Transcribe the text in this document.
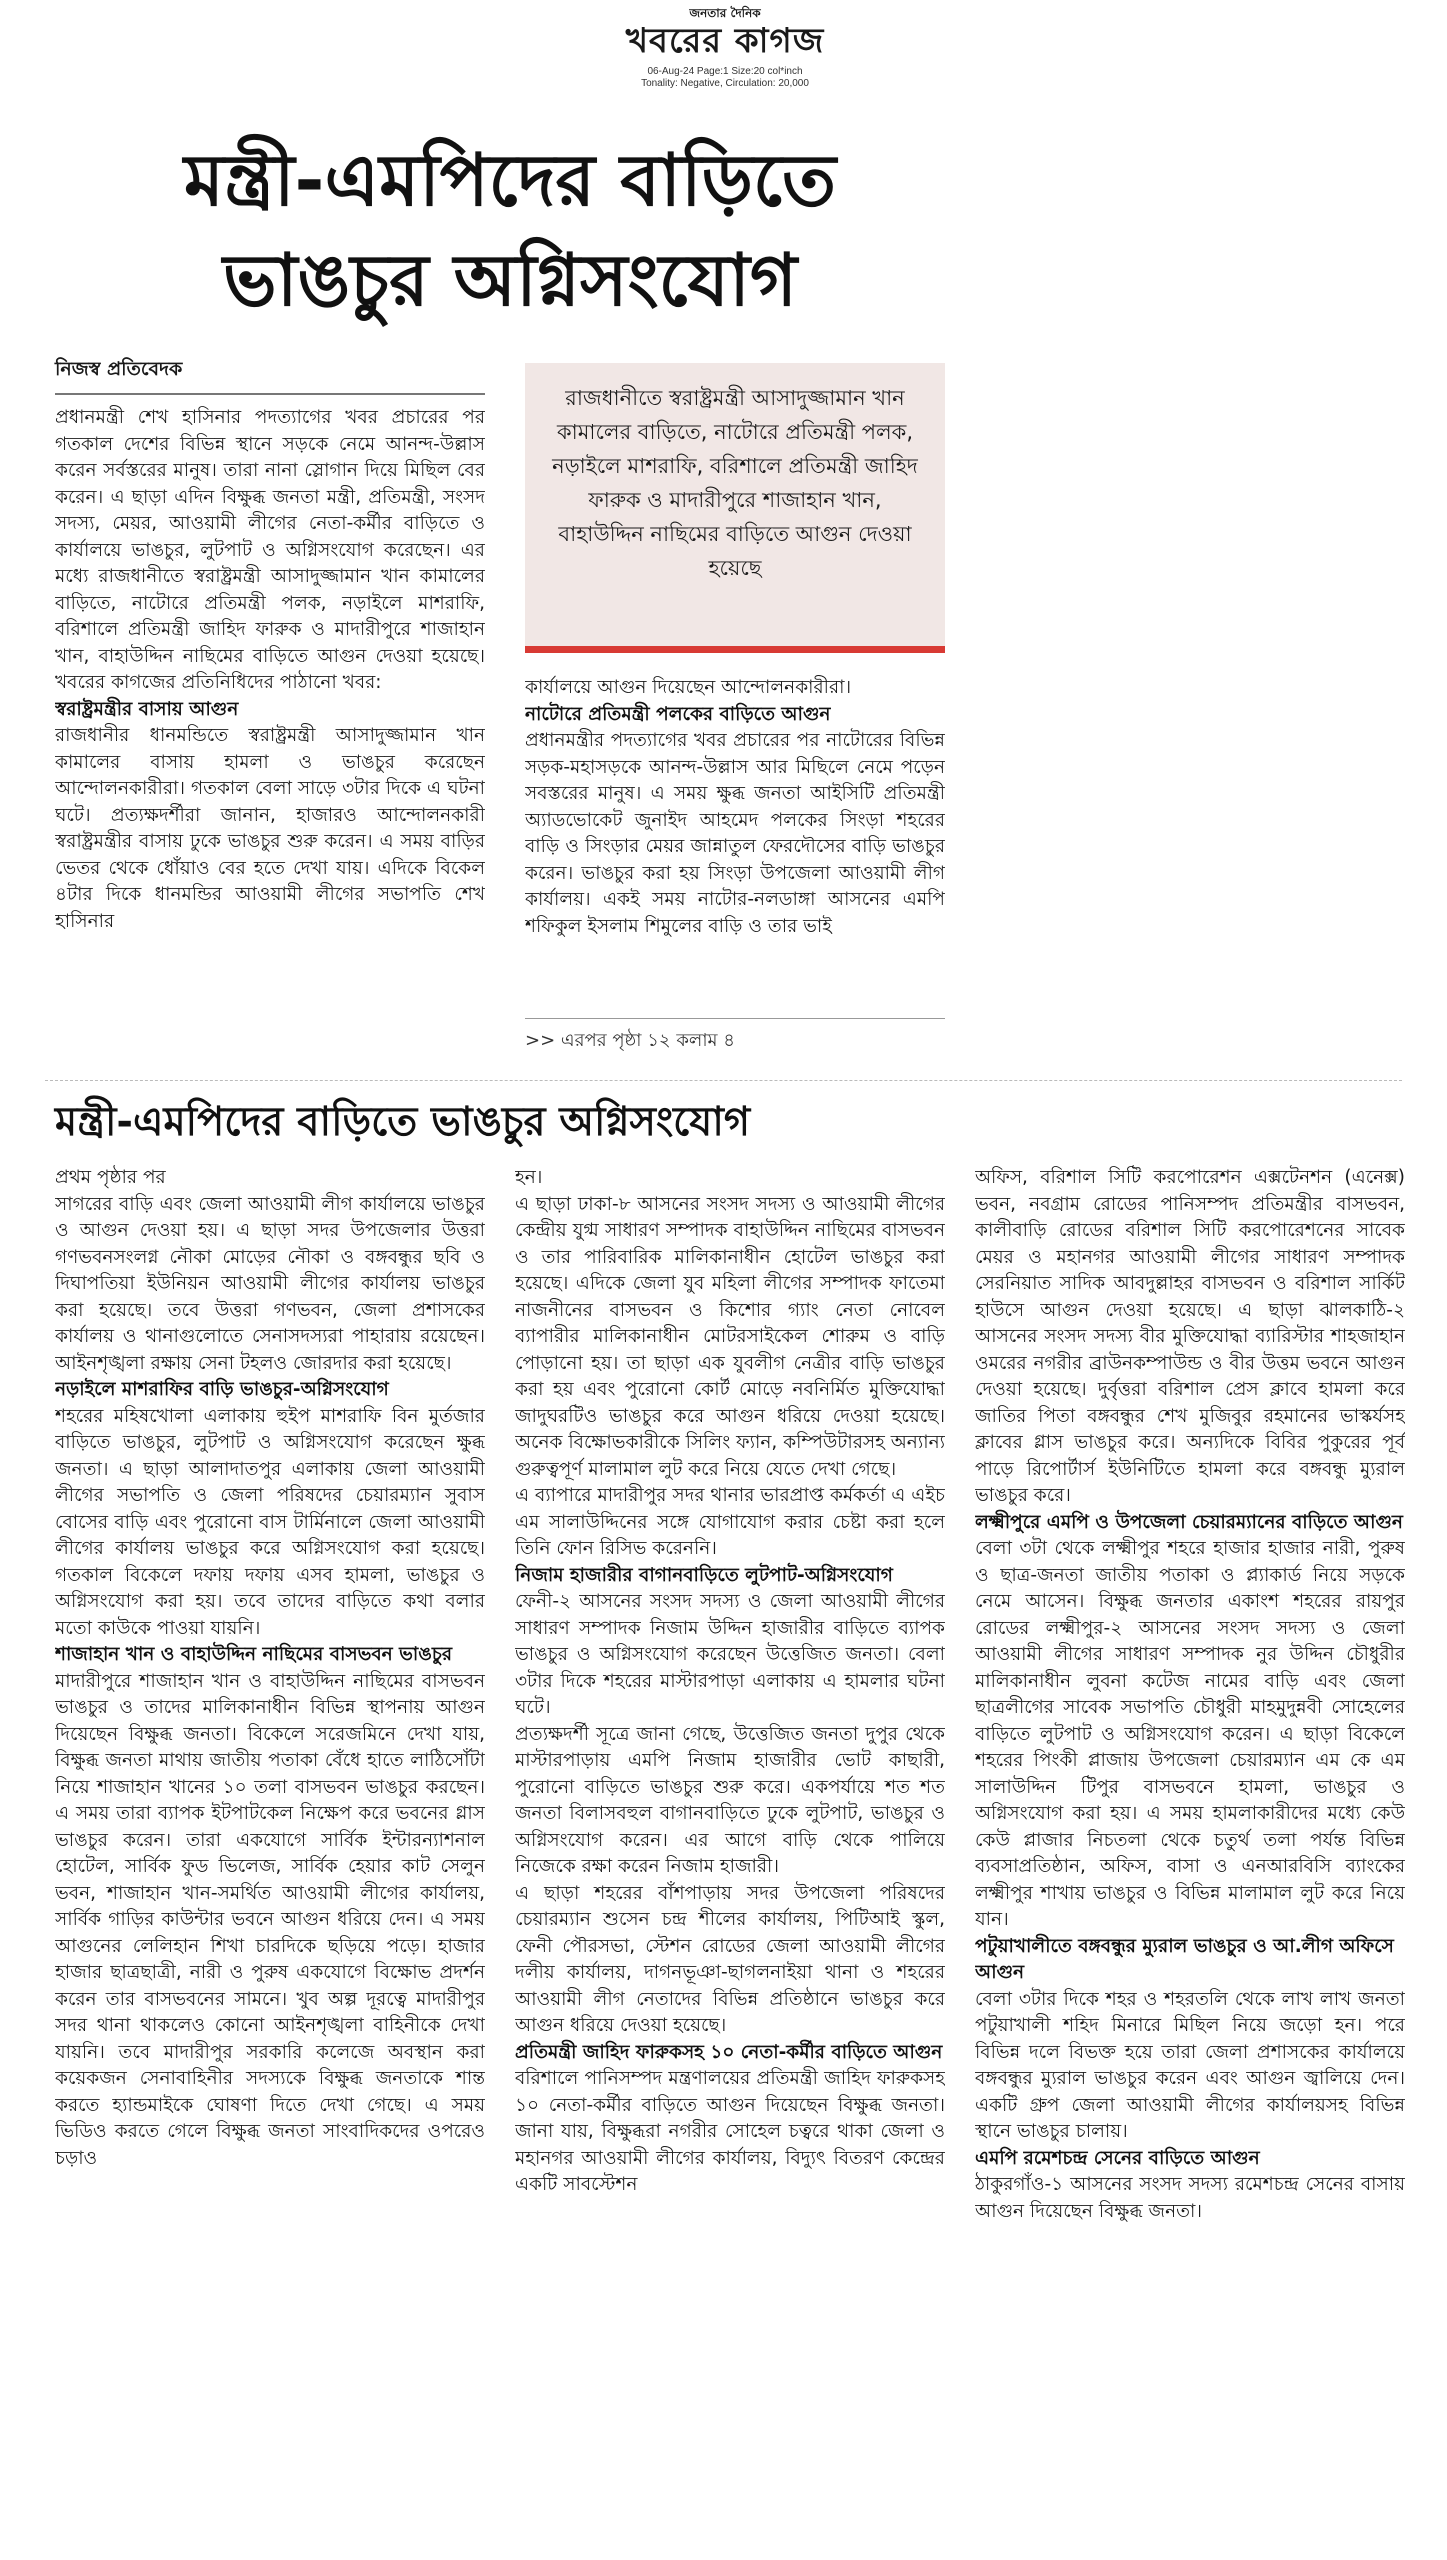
জনতার দৈনিক
খবরের কাগজ
06-Aug-24 Page:1 Size:20 col*inch
Tonality: Negative, Circulation: 20,000
মন্ত্রী-এমপিদের বাড়িতে
ভাঙচুর অগ্নিসংযোগ
নিজস্ব প্রতিবেদক

প্রধানমন্ত্রী শেখ হাসিনার পদত্যাগের খবর প্রচারের পর গতকাল দেশের বিভিন্ন স্থানে সড়কে নেমে আনন্দ-উল্লাস করেন সর্বস্তরের মানুষ। তারা নানা স্লোগান দিয়ে মিছিল বের করেন। এ ছাড়া এদিন বিক্ষুব্ধ জনতা মন্ত্রী, প্রতিমন্ত্রী, সংসদ সদস্য, মেয়র, আওয়ামী লীগের নেতা-কর্মীর বাড়িতে ও কার্যালয়ে ভাঙচুর, লুটপাট ও অগ্নিসংযোগ করেছেন। এর মধ্যে রাজধানীতে স্বরাষ্ট্রমন্ত্রী আসাদুজ্জামান খান কামালের বাড়িতে, নাটোরে প্রতিমন্ত্রী পলক, নড়াইলে মাশরাফি, বরিশালে প্রতিমন্ত্রী জাহিদ ফারুক ও মাদারীপুরে শাজাহান খান, বাহাউদ্দিন নাছিমের বাড়িতে আগুন দেওয়া হয়েছে। খবরের কাগজের প্রতিনিধিদের পাঠানো খবর:

স্বরাষ্ট্রমন্ত্রীর বাসায় আগুন

রাজধানীর ধানমন্ডিতে স্বরাষ্ট্রমন্ত্রী আসাদুজ্জামান খান কামালের বাসায় হামলা ও ভাঙচুর করেছেন আন্দোলনকারীরা। গতকাল বেলা সাড়ে ৩টার দিকে এ ঘটনা ঘটে। প্রত্যক্ষদর্শীরা জানান, হাজারও আন্দোলনকারী স্বরাষ্ট্রমন্ত্রীর বাসায় ঢুকে ভাঙচুর শুরু করেন। এ সময় বাড়ির ভেতর থেকে ধোঁয়াও বের হতে দেখা যায়। এদিকে বিকেল ৪টার দিকে ধানমন্ডির আওয়ামী লীগের সভাপতি শেখ হাসিনার

রাজধানীতে স্বরাষ্ট্রমন্ত্রী আসাদুজ্জামান খান কামালের বাড়িতে, নাটোরে প্রতিমন্ত্রী পলক, নড়াইলে মাশরাফি, বরিশালে প্রতিমন্ত্রী জাহিদ ফারুক ও মাদারীপুরে শাজাহান খান, বাহাউদ্দিন নাছিমের বাড়িতে আগুন দেওয়া হয়েছে

কার্যালয়ে আগুন দিয়েছেন আন্দোলনকারীরা।

নাটোরে প্রতিমন্ত্রী পলকের বাড়িতে আগুন

প্রধানমন্ত্রীর পদত্যাগের খবর প্রচারের পর নাটোরের বিভিন্ন সড়ক-মহাসড়কে আনন্দ-উল্লাস আর মিছিলে নেমে পড়েন সবস্তরের মানুষ। এ সময় ক্ষুব্ধ জনতা আইসিটি প্রতিমন্ত্রী অ্যাডভোকেট জুনাইদ আহমেদ পলকের সিংড়া শহরের বাড়ি ও সিংড়ার মেয়র জান্নাতুল ফেরদৌসের বাড়ি ভাঙচুর করেন। ভাঙচুর করা হয় সিংড়া উপজেলা আওয়ামী লীগ কার্যালয়। একই সময় নাটোর-নলডাঙ্গা আসনের এমপি শফিকুল ইসলাম শিমুলের বাড়ি ও তার ভাই

>> এরপর পৃষ্ঠা ১২ কলাম ৪
মন্ত্রী-এমপিদের বাড়িতে ভাঙচুর অগ্নিসংযোগ

প্রথম পৃষ্ঠার পর

সাগরের বাড়ি এবং জেলা আওয়ামী লীগ কার্যালয়ে ভাঙচুর ও আগুন দেওয়া হয়। এ ছাড়া সদর উপজেলার উত্তরা গণভবনসংলগ্ন নৌকা মোড়ের নৌকা ও বঙ্গবন্ধুর ছবি ও দিঘাপতিয়া ইউনিয়ন আওয়ামী লীগের কার্যালয় ভাঙচুর করা হয়েছে। তবে উত্তরা গণভবন, জেলা প্রশাসকের কার্যালয় ও থানাগুলোতে সেনাসদস্যরা পাহারায় রয়েছেন। আইনশৃঙ্খলা রক্ষায় সেনা টহলও জোরদার করা হয়েছে।

নড়াইলে মাশরাফির বাড়ি ভাঙচুর-অগ্নিসংযোগ

শহরের মহিষখোলা এলাকায় হুইপ মাশরাফি বিন মুর্তজার বাড়িতে ভাঙচুর, লুটপাট ও অগ্নিসংযোগ করেছেন ক্ষুব্ধ জনতা। এ ছাড়া আলাদাতপুর এলাকায় জেলা আওয়ামী লীগের সভাপতি ও জেলা পরিষদের চেয়ারম্যান সুবাস বোসের বাড়ি এবং পুরোনো বাস টার্মিনালে জেলা আওয়ামী লীগের কার্যালয় ভাঙচুর করে অগ্নিসংযোগ করা হয়েছে। গতকাল বিকেলে দফায় দফায় এসব হামলা, ভাঙচুর ও অগ্নিসংযোগ করা হয়। তবে তাদের বাড়িতে কথা বলার মতো কাউকে পাওয়া যায়নি।

শাজাহান খান ও বাহাউদ্দিন নাছিমের বাসভবন ভাঙচুর

মাদারীপুরে শাজাহান খান ও বাহাউদ্দিন নাছিমের বাসভবন ভাঙচুর ও তাদের মালিকানাধীন বিভিন্ন স্থাপনায় আগুন দিয়েছেন বিক্ষুব্ধ জনতা। বিকেলে সরেজমিনে দেখা যায়, বিক্ষুব্ধ জনতা মাথায় জাতীয় পতাকা বেঁধে হাতে লাঠিসোঁটা নিয়ে শাজাহান খানের ১০ তলা বাসভবন ভাঙচুর করছেন। এ সময় তারা ব্যাপক ইটপাটকেল নিক্ষেপ করে ভবনের গ্লাস ভাঙচুর করেন। তারা একযোগে সার্বিক ইন্টারন্যাশনাল হোটেল, সার্বিক ফুড ভিলেজ, সার্বিক হেয়ার কাট সেলুন ভবন, শাজাহান খান-সমর্থিত আওয়ামী লীগের কার্যালয়, সার্বিক গাড়ির কাউন্টার ভবনে আগুন ধরিয়ে দেন। এ সময় আগুনের লেলিহান শিখা চারদিকে ছড়িয়ে পড়ে। হাজার হাজার ছাত্রছাত্রী, নারী ও পুরুষ একযোগে বিক্ষোভ প্রদর্শন করেন তার বাসভবনের সামনে। খুব অল্প দূরত্বে মাদারীপুর সদর থানা থাকলেও কোনো আইনশৃঙ্খলা বাহিনীকে দেখা যায়নি। তবে মাদারীপুর সরকারি কলেজে অবস্থান করা কয়েকজন সেনাবাহিনীর সদস্যকে বিক্ষুব্ধ জনতাকে শান্ত করতে হ্যান্ডমাইকে ঘোষণা দিতে দেখা গেছে। এ সময় ভিডিও করতে গেলে বিক্ষুব্ধ জনতা সাংবাদিকদের ওপরেও চড়াও

হন।

এ ছাড়া ঢাকা-৮ আসনের সংসদ সদস্য ও আওয়ামী লীগের কেন্দ্রীয় যুগ্ম সাধারণ সম্পাদক বাহাউদ্দিন নাছিমের বাসভবন ও তার পারিবারিক মালিকানাধীন হোটেল ভাঙচুর করা হয়েছে। এদিকে জেলা যুব মহিলা লীগের সম্পাদক ফাতেমা নাজনীনের বাসভবন ও কিশোর গ্যাং নেতা নোবেল ব্যাপারীর মালিকানাধীন মোটরসাইকেল শোরুম ও বাড়ি পোড়ানো হয়। তা ছাড়া এক যুবলীগ নেত্রীর বাড়ি ভাঙচুর করা হয় এবং পুরোনো কোর্ট মোড়ে নবনির্মিত মুক্তিযোদ্ধা জাদুঘরটিও ভাঙচুর করে আগুন ধরিয়ে দেওয়া হয়েছে। অনেক বিক্ষোভকারীকে সিলিং ফ্যান, কম্পিউটারসহ অন্যান্য গুরুত্বপূর্ণ মালামাল লুট করে নিয়ে যেতে দেখা গেছে।

এ ব্যাপারে মাদারীপুর সদর থানার ভারপ্রাপ্ত কর্মকর্তা এ এইচ এম সালাউদ্দিনের সঙ্গে যোগাযোগ করার চেষ্টা করা হলে তিনি ফোন রিসিভ করেননি।

নিজাম হাজারীর বাগানবাড়িতে লুটপাট-অগ্নিসংযোগ

ফেনী-২ আসনের সংসদ সদস্য ও জেলা আওয়ামী লীগের সাধারণ সম্পাদক নিজাম উদ্দিন হাজারীর বাড়িতে ব্যাপক ভাঙচুর ও অগ্নিসংযোগ করেছেন উত্তেজিত জনতা। বেলা ৩টার দিকে শহরের মাস্টারপাড়া এলাকায় এ হামলার ঘটনা ঘটে।

প্রত্যক্ষদর্শী সূত্রে জানা গেছে, উত্তেজিত জনতা দুপুর থেকে মাস্টারপাড়ায় এমপি নিজাম হাজারীর ভোট কাছারী, পুরোনো বাড়িতে ভাঙচুর শুরু করে। একপর্যায়ে শত শত জনতা বিলাসবহুল বাগানবাড়িতে ঢুকে লুটপাট, ভাঙচুর ও অগ্নিসংযোগ করেন। এর আগে বাড়ি থেকে পালিয়ে নিজেকে রক্ষা করেন নিজাম হাজারী।

এ ছাড়া শহরের বাঁশপাড়ায় সদর উপজেলা পরিষদের চেয়ারম্যান শুসেন চন্দ্র শীলের কার্যালয়, পিটিআই স্কুল, ফেনী পৌরসভা, স্টেশন রোডের জেলা আওয়ামী লীগের দলীয় কার্যালয়, দাগনভূঞা-ছাগলনাইয়া থানা ও শহরের আওয়ামী লীগ নেতাদের বিভিন্ন প্রতিষ্ঠানে ভাঙচুর করে আগুন ধরিয়ে দেওয়া হয়েছে।

প্রতিমন্ত্রী জাহিদ ফারুকসহ ১০ নেতা-কর্মীর বাড়িতে আগুন

বরিশালে পানিসম্পদ মন্ত্রণালয়ের প্রতিমন্ত্রী জাহিদ ফারুকসহ ১০ নেতা-কর্মীর বাড়িতে আগুন দিয়েছেন বিক্ষুব্ধ জনতা। জানা যায়, বিক্ষুব্ধরা নগরীর সোহেল চত্বরে থাকা জেলা ও মহানগর আওয়ামী লীগের কার্যালয়, বিদ্যুৎ বিতরণ কেন্দ্রের একটি সাবস্টেশন

অফিস, বরিশাল সিটি করপোরেশন এক্সটেনশন (এনেক্স) ভবন, নবগ্রাম রোডের পানিসম্পদ প্রতিমন্ত্রীর বাসভবন, কালীবাড়ি রোডের বরিশাল সিটি করপোরেশনের সাবেক মেয়র ও মহানগর আওয়ামী লীগের সাধারণ সম্পাদক সেরনিয়াত সাদিক আবদুল্লাহর বাসভবন ও বরিশাল সার্কিট হাউসে আগুন দেওয়া হয়েছে। এ ছাড়া ঝালকাঠি-২ আসনের সংসদ সদস্য বীর মুক্তিযোদ্ধা ব্যারিস্টার শাহজাহান ওমরের নগরীর ব্রাউনকম্পাউন্ড ও বীর উত্তম ভবনে আগুন দেওয়া হয়েছে। দুর্বৃত্তরা বরিশাল প্রেস ক্লাবে হামলা করে জাতির পিতা বঙ্গবন্ধুর শেখ মুজিবুর রহমানের ভাস্কর্যসহ ক্লাবের গ্লাস ভাঙচুর করে। অন্যদিকে বিবির পুকুরের পূর্ব পাড়ে রিপোর্টার্স ইউনিটিতে হামলা করে বঙ্গবন্ধু ম্যুরাল ভাঙচুর করে।

লক্ষ্মীপুরে এমপি ও উপজেলা চেয়ারম্যানের বাড়িতে আগুন

বেলা ৩টা থেকে লক্ষ্মীপুর শহরে হাজার হাজার নারী, পুরুষ ও ছাত্র-জনতা জাতীয় পতাকা ও প্ল্যাকার্ড নিয়ে সড়কে নেমে আসেন। বিক্ষুব্ধ জনতার একাংশ শহরের রায়পুর রোডের লক্ষ্মীপুর-২ আসনের সংসদ সদস্য ও জেলা আওয়ামী লীগের সাধারণ সম্পাদক নুর উদ্দিন চৌধুরীর মালিকানাধীন লুবনা কটেজ নামের বাড়ি এবং জেলা ছাত্রলীগের সাবেক সভাপতি চৌধুরী মাহমুদুন্নবী সোহেলের বাড়িতে লুটপাট ও অগ্নিসংযোগ করেন। এ ছাড়া বিকেলে শহরের পিংকী প্লাজায় উপজেলা চেয়ারম্যান এম কে এম সালাউদ্দিন টিপুর বাসভবনে হামলা, ভাঙচুর ও অগ্নিসংযোগ করা হয়। এ সময় হামলাকারীদের মধ্যে কেউ কেউ প্লাজার নিচতলা থেকে চতুর্থ তলা পর্যন্ত বিভিন্ন ব্যবসাপ্রতিষ্ঠান, অফিস, বাসা ও এনআরবিসি ব্যাংকের লক্ষ্মীপুর শাখায় ভাঙচুর ও বিভিন্ন মালামাল লুট করে নিয়ে যান।

পটুয়াখালীতে বঙ্গবন্ধুর ম্যুরাল ভাঙচুর ও আ.লীগ অফিসে আগুন

বেলা ৩টার দিকে শহর ও শহরতলি থেকে লাখ লাখ জনতা পটুয়াখালী শহিদ মিনারে মিছিল নিয়ে জড়ো হন। পরে বিভিন্ন দলে বিভক্ত হয়ে তারা জেলা প্রশাসকের কার্যালয়ে বঙ্গবন্ধুর ম্যুরাল ভাঙচুর করেন এবং আগুন জ্বালিয়ে দেন। একটি গ্রুপ জেলা আওয়ামী লীগের কার্যালয়সহ বিভিন্ন স্থানে ভাঙচুর চালায়।

এমপি রমেশচন্দ্র সেনের বাড়িতে আগুন

ঠাকুরগাঁও-১ আসনের সংসদ সদস্য রমেশচন্দ্র সেনের বাসায় আগুন দিয়েছেন বিক্ষুব্ধ জনতা।
